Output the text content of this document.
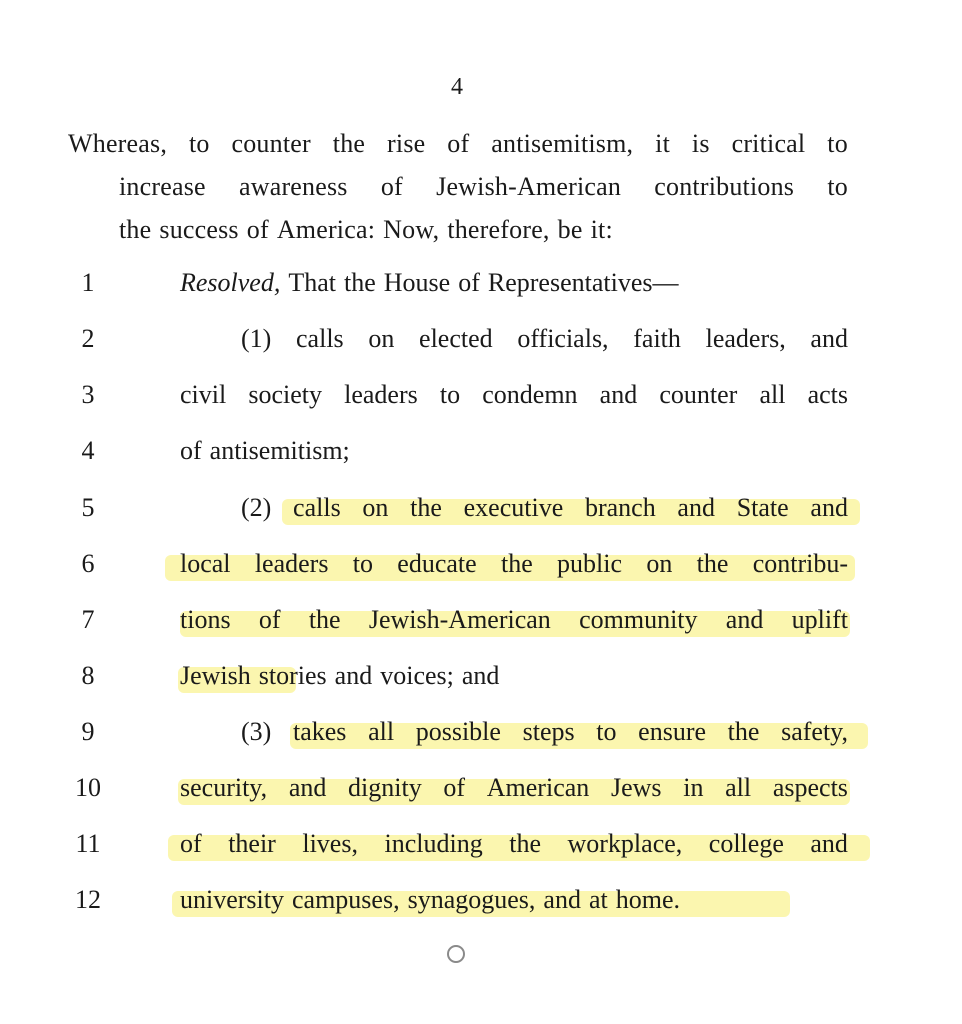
4
Whereas, to counter the rise of antisemitism, it is critical to
increase awareness of Jewish-American contributions to
the success of America: Now, therefore, be it:
1	Resolved, That the House of Representatives—
2	(1) calls on elected officials, faith leaders, and
3	civil society leaders to condemn and counter all acts
4	of antisemitism;
5	(2) calls on the executive branch and State and
6	local leaders to educate the public on the contribu-
7	tions of the Jewish-American community and uplift
8	Jewish stories and voices; and
9	(3) takes all possible steps to ensure the safety,
10	security, and dignity of American Jews in all aspects
11	of their lives, including the workplace, college and
12	university campuses, synagogues, and at home.
